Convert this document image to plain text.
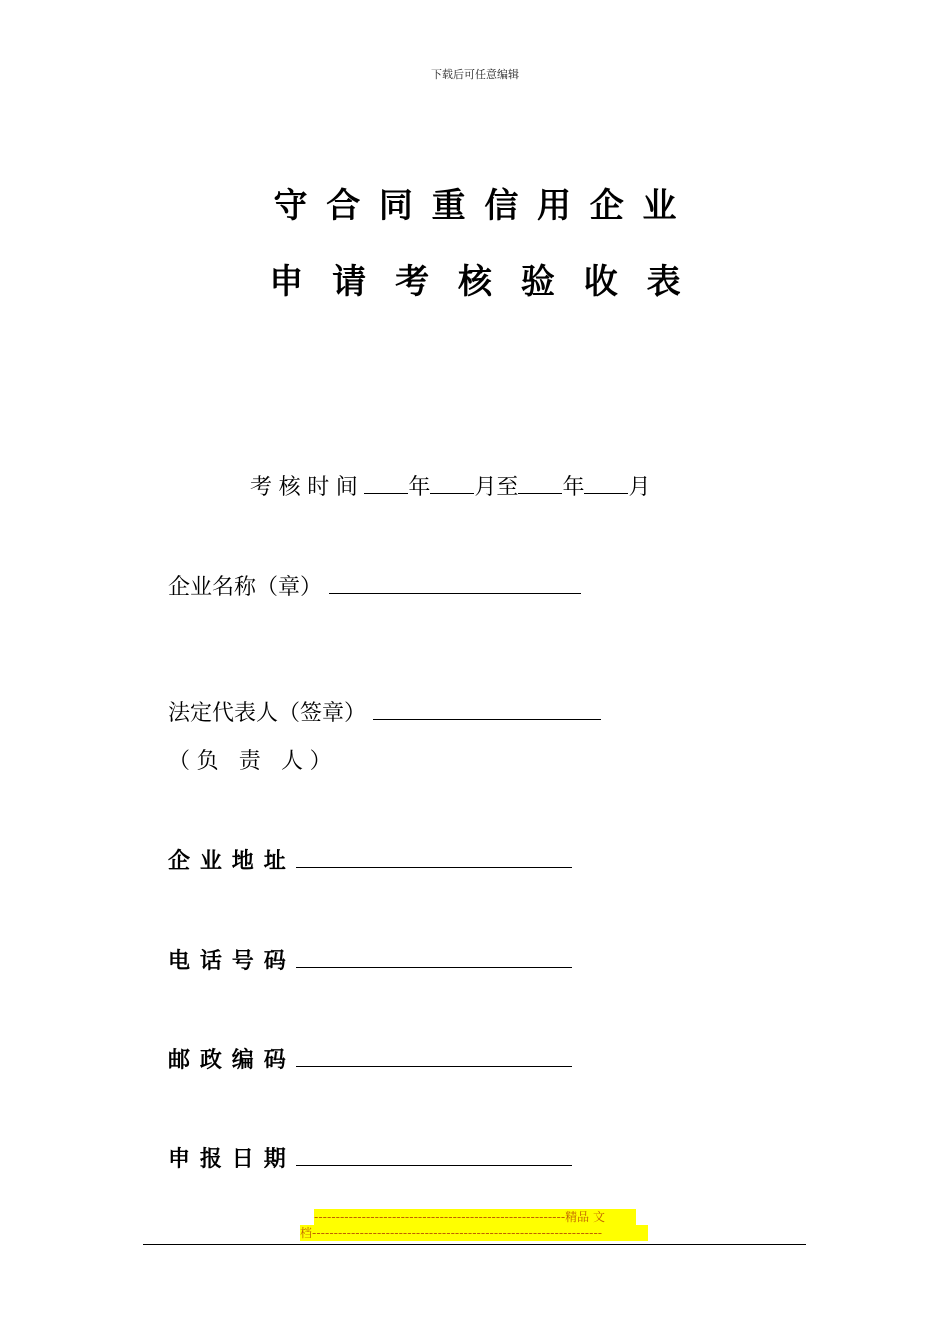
下载后可任意编辑
守合同重信用企业
申请考核验收表
考核时间 年 月至 年 月
企业名称（章）
法定代表人（签章）
（负 责 人）
企业地址
电话号码
邮政编码
申报日期
----------------------------------------------------------精品 文
档-------------------------------------------------------------------
